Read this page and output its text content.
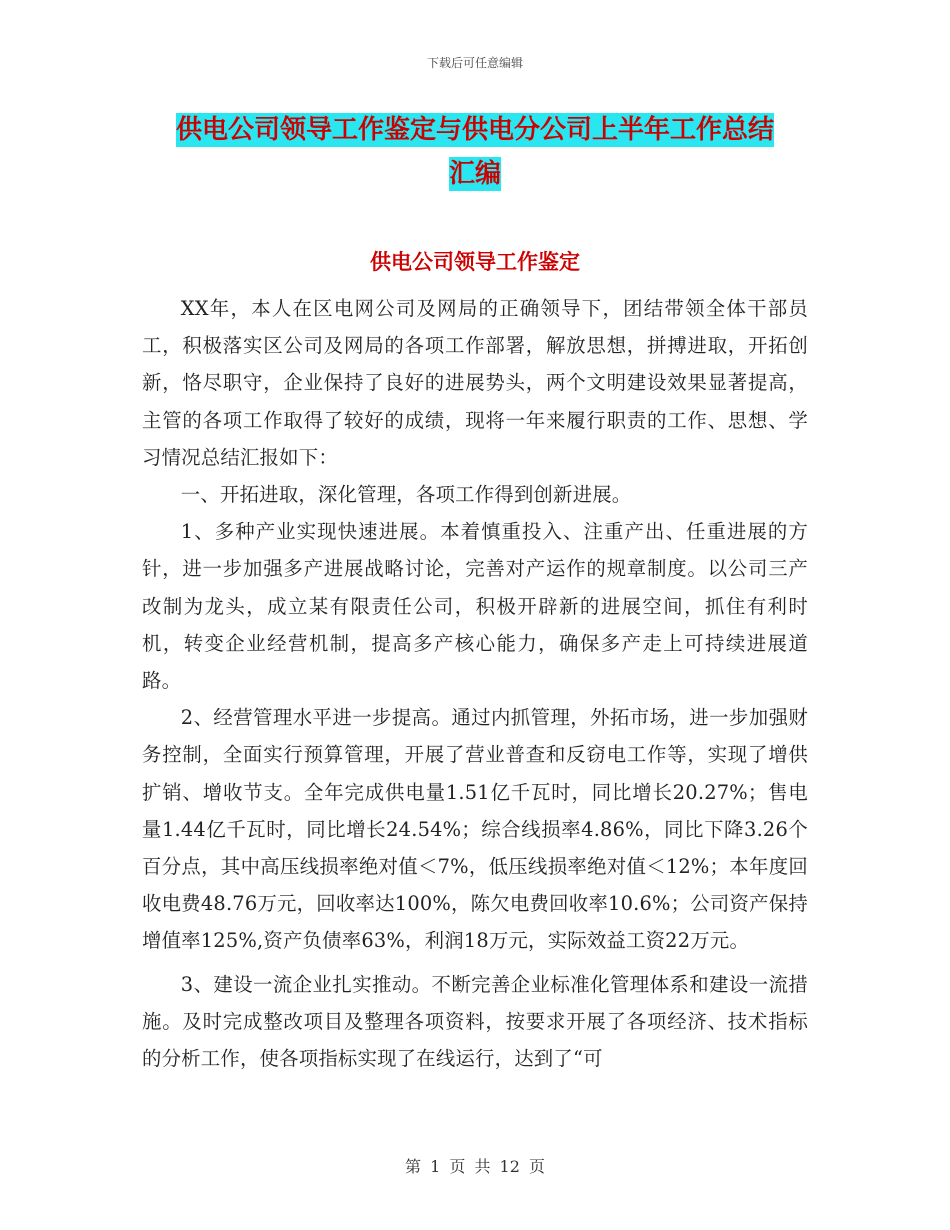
下载后可任意编辑
供电公司领导工作鉴定与供电分公司上半年工作总结
汇编
供电公司领导工作鉴定

XX年，本人在区电网公司及网局的正确领导下，团结带领全体干部员工，积极落实区公司及网局的各项工作部署，解放思想，拼搏进取，开拓创新，恪尽职守，企业保持了良好的进展势头，两个文明建设效果显著提高，主管的各项工作取得了较好的成绩，现将一年来履行职责的工作、思想、学习情况总结汇报如下：

一、开拓进取，深化管理，各项工作得到创新进展。

1、多种产业实现快速进展。本着慎重投入、注重产出、任重进展的方针，进一步加强多产进展战略讨论，完善对产运作的规章制度。以公司三产改制为龙头，成立某有限责任公司，积极开辟新的进展空间，抓住有利时机，转变企业经营机制，提高多产核心能力，确保多产走上可持续进展道路。

2、经营管理水平进一步提高。通过内抓管理，外拓市场，进一步加强财务控制，全面实行预算管理，开展了营业普查和反窃电工作等，实现了增供扩销、增收节支。全年完成供电量1.51亿千瓦时，同比增长20.27%；售电量1.44亿千瓦时，同比增长24.54%；综合线损率4.86%，同比下降3.26个百分点，其中高压线损率绝对值＜7%，低压线损率绝对值＜12%；本年度回收电费48.76万元，回收率达100%，陈欠电费回收率10.6%；公司资产保持增值率125%,资产负债率63%，利润18万元，实际效益工资22万元。

3、建设一流企业扎实推动。不断完善企业标准化管理体系和建设一流措施。及时完成整改项目及整理各项资料，按要求开展了各项经济、技术指标的分析工作，使各项指标实现了在线运行，达到了“可

第 1 页 共 12 页
